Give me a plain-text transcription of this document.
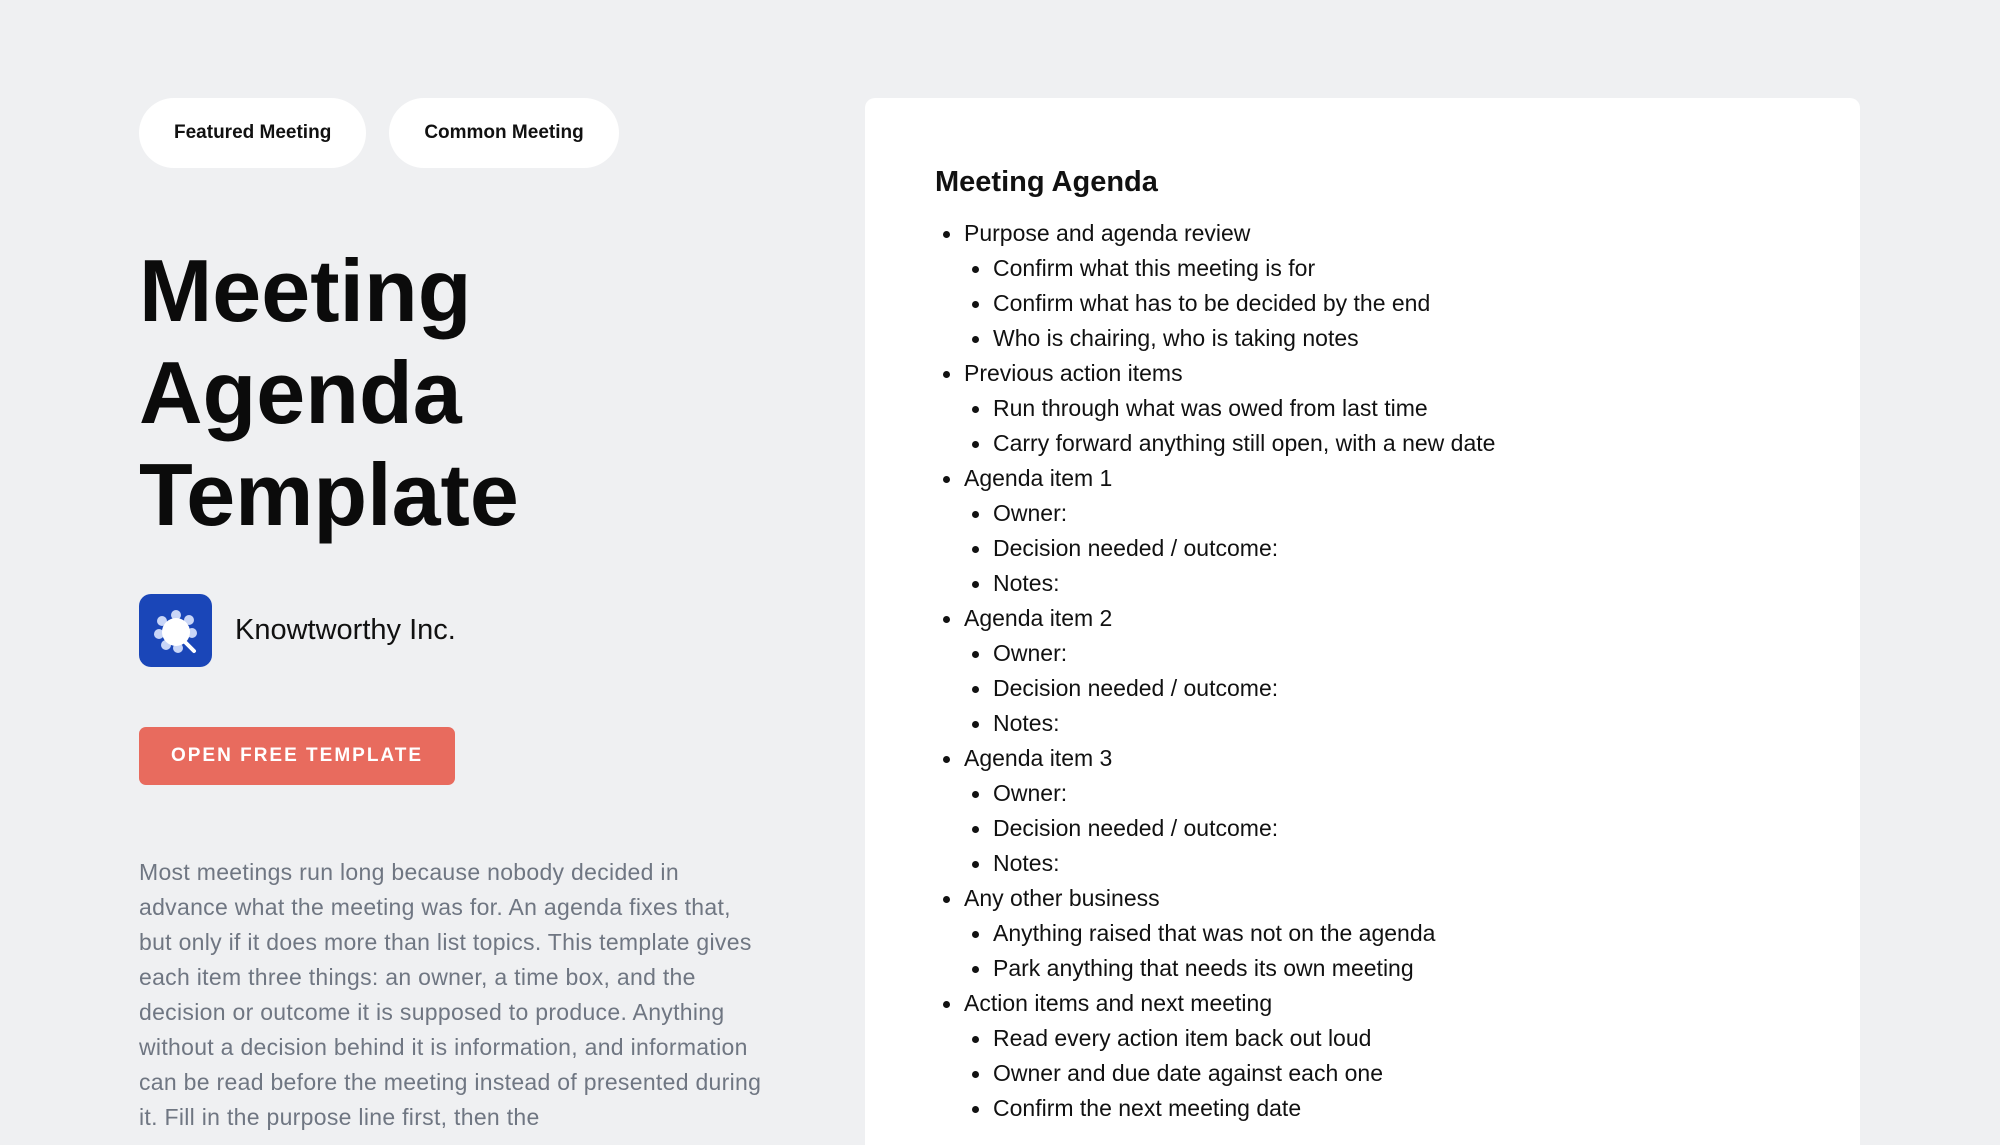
Featured Meeting	Common Meeting
Meeting Agenda Template
Knowtworthy Inc.
OPEN FREE TEMPLATE

Most meetings run long because nobody decided in advance what the meeting was for. An agenda fixes that, but only if it does more than list topics. This template gives each item three things: an owner, a time box, and the decision or outcome it is supposed to produce. Anything without a decision behind it is information, and information can be read before the meeting instead of presented during it. Fill in the purpose line first, then the

Meeting Agenda
Purpose and agenda review
Confirm what this meeting is for
Confirm what has to be decided by the end
Who is chairing, who is taking notes
Previous action items
Run through what was owed from last time
Carry forward anything still open, with a new date
Agenda item 1
Owner:
Decision needed / outcome:
Notes:
Agenda item 2
Owner:
Decision needed / outcome:
Notes:
Agenda item 3
Owner:
Decision needed / outcome:
Notes:
Any other business
Anything raised that was not on the agenda
Park anything that needs its own meeting
Action items and next meeting
Read every action item back out loud
Owner and due date against each one
Confirm the next meeting date
